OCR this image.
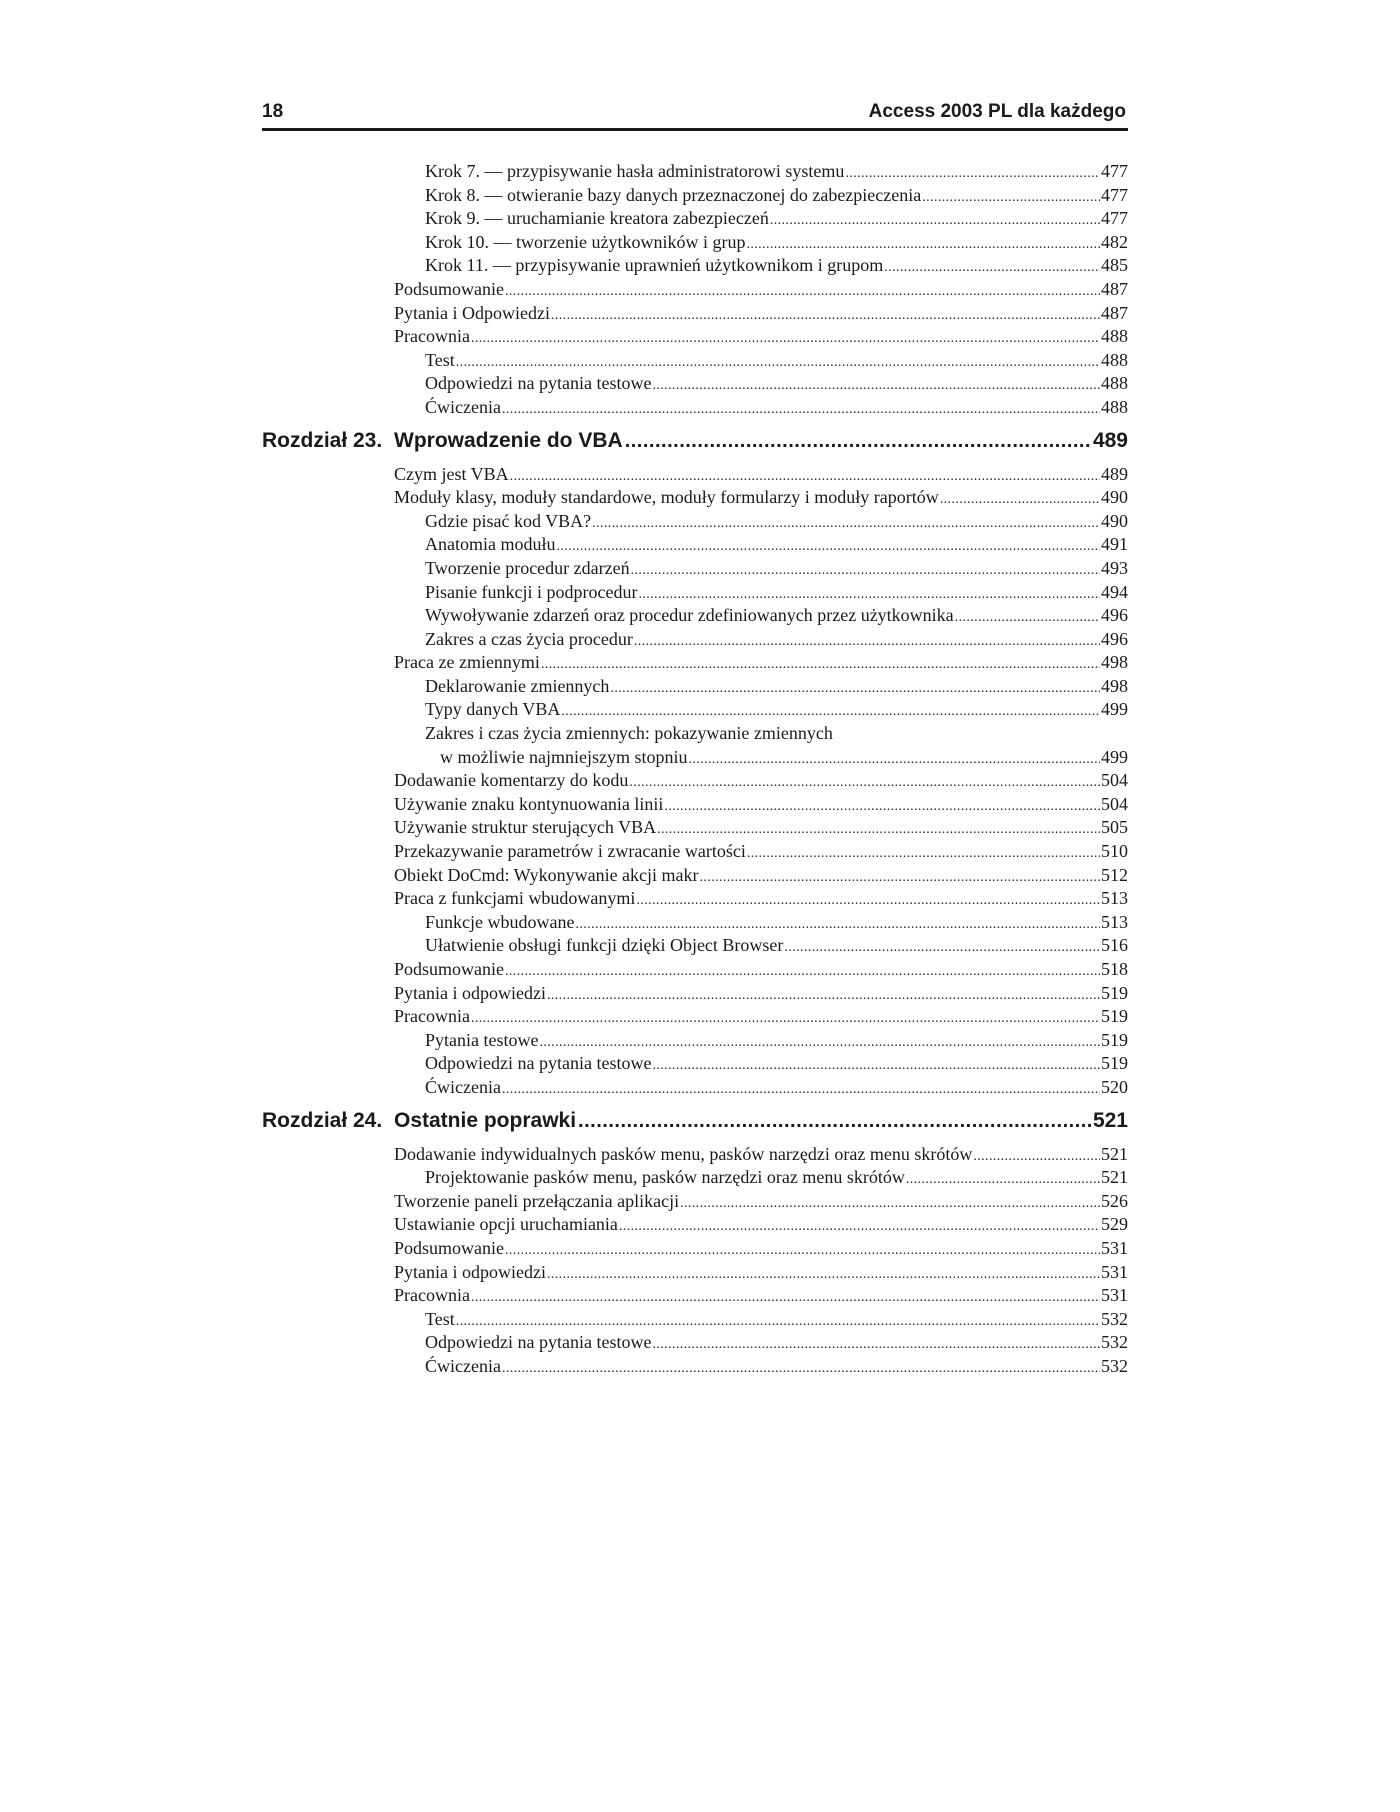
18	Access 2003 PL dla każdego
Krok 7. — przypisywanie hasła administratorowi systemu .....	477
Krok 8. — otwieranie bazy danych przeznaczonej do zabezpieczenia .....	477
Krok 9. — uruchamianie kreatora zabezpieczeń .....	477
Krok 10. — tworzenie użytkowników i grup .....	482
Krok 11. — przypisywanie uprawnień użytkownikom i grupom .....	485
Podsumowanie .....	487
Pytania i Odpowiedzi .....	487
Pracownia .....	488
Test .....	488
Odpowiedzi na pytania testowe .....	488
Ćwiczenia .....	488
Rozdział 23. Wprowadzenie do VBA .....	489
Czym jest VBA .....	489
Moduły klasy, moduły standardowe, moduły formularzy i moduły raportów .....	490
Gdzie pisać kod VBA? .....	490
Anatomia modułu .....	491
Tworzenie procedur zdarzeń .....	493
Pisanie funkcji i podprocedur .....	494
Wywoływanie zdarzeń oraz procedur zdefiniowanych przez użytkownika .....	496
Zakres a czas życia procedur .....	496
Praca ze zmiennymi .....	498
Deklarowanie zmiennych .....	498
Typy danych VBA .....	499
Zakres i czas życia zmiennych: pokazywanie zmiennych
w możliwie najmniejszym stopniu .....	499
Dodawanie komentarzy do kodu .....	504
Używanie znaku kontynuowania linii .....	504
Używanie struktur sterujących VBA .....	505
Przekazywanie parametrów i zwracanie wartości .....	510
Obiekt DoCmd: Wykonywanie akcji makr .....	512
Praca z funkcjami wbudowanymi .....	513
Funkcje wbudowane .....	513
Ułatwienie obsługi funkcji dzięki Object Browser .....	516
Podsumowanie .....	518
Pytania i odpowiedzi .....	519
Pracownia .....	519
Pytania testowe .....	519
Odpowiedzi na pytania testowe .....	519
Ćwiczenia .....	520
Rozdział 24. Ostatnie poprawki .....	521
Dodawanie indywidualnych pasków menu, pasków narzędzi oraz menu skrótów .....	521
Projektowanie pasków menu, pasków narzędzi oraz menu skrótów .....	521
Tworzenie paneli przełączania aplikacji .....	526
Ustawianie opcji uruchamiania .....	529
Podsumowanie .....	531
Pytania i odpowiedzi .....	531
Pracownia .....	531
Test .....	532
Odpowiedzi na pytania testowe .....	532
Ćwiczenia .....	532
